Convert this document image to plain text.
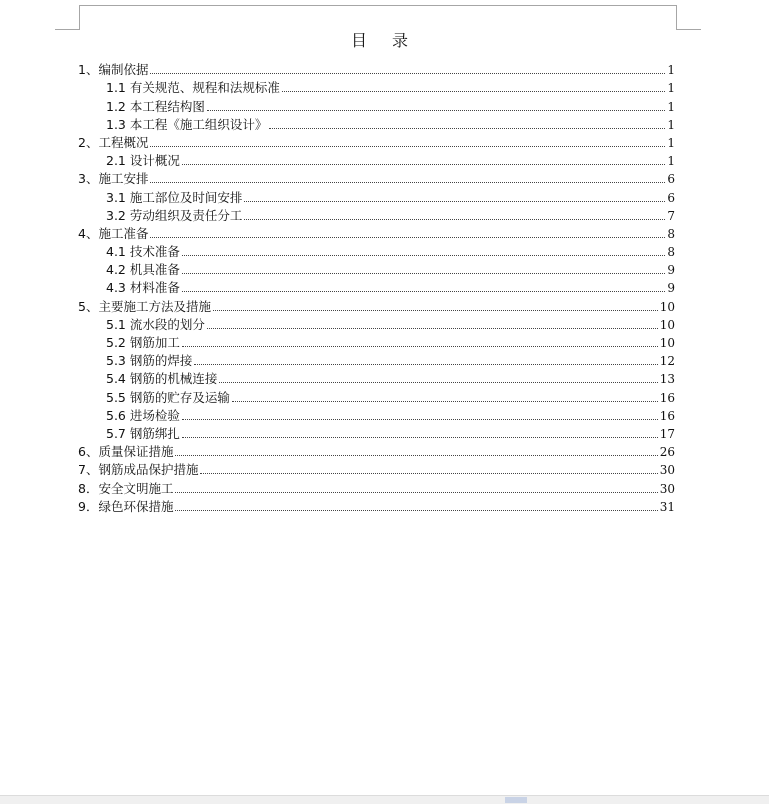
目 录
1、编制依据	1
1.1 有关规范、规程和法规标准	1
1.2 本工程结构图	1
1.3 本工程《施工组织设计》	1
2、工程概况	1
2.1 设计概况	1
3、施工安排	6
3.1 施工部位及时间安排	6
3.2 劳动组织及责任分工	7
4、施工准备	8
4.1 技术准备	8
4.2 机具准备	9
4.3 材料准备	9
5、主要施工方法及措施	10
5.1 流水段的划分	10
5.2 钢筋加工	10
5.3 钢筋的焊接	12
5.4 钢筋的机械连接	13
5.5 钢筋的贮存及运输	16
5.6 进场检验	16
5.7 钢筋绑扎	17
6、质量保证措施	26
7、钢筋成品保护措施	30
8．安全文明施工	30
9．绿色环保措施	31
